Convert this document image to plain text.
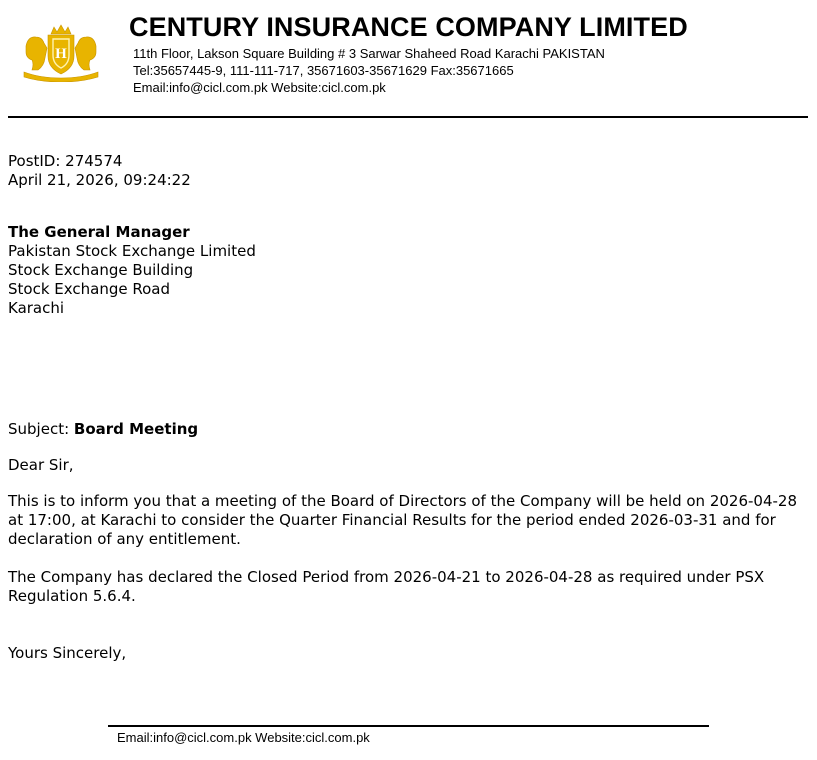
H
CENTURY INSURANCE COMPANY LIMITED
11th Floor, Lakson Square Building # 3 Sarwar Shaheed Road Karachi PAKISTAN
Tel:35657445-9, 111-111-717, 35671603-35671629 Fax:35671665
Email:info@cicl.com.pk Website:cicl.com.pk
PostID: 274574
April 21, 2026, 09:24:22
The General Manager
Pakistan Stock Exchange Limited
Stock Exchange Building
Stock Exchange Road
Karachi
Subject: Board Meeting
Dear Sir,
This is to inform you that a meeting of the Board of Directors of the Company will be held on 2026-04-28 at 17:00, at Karachi to consider the Quarter Financial Results for the period ended 2026-03-31 and for declaration of any entitlement.
The Company has declared the Closed Period from 2026-04-21 to 2026-04-28 as required under PSX Regulation 5.6.4.
Yours Sincerely,
Email:info@cicl.com.pk Website:cicl.com.pk
